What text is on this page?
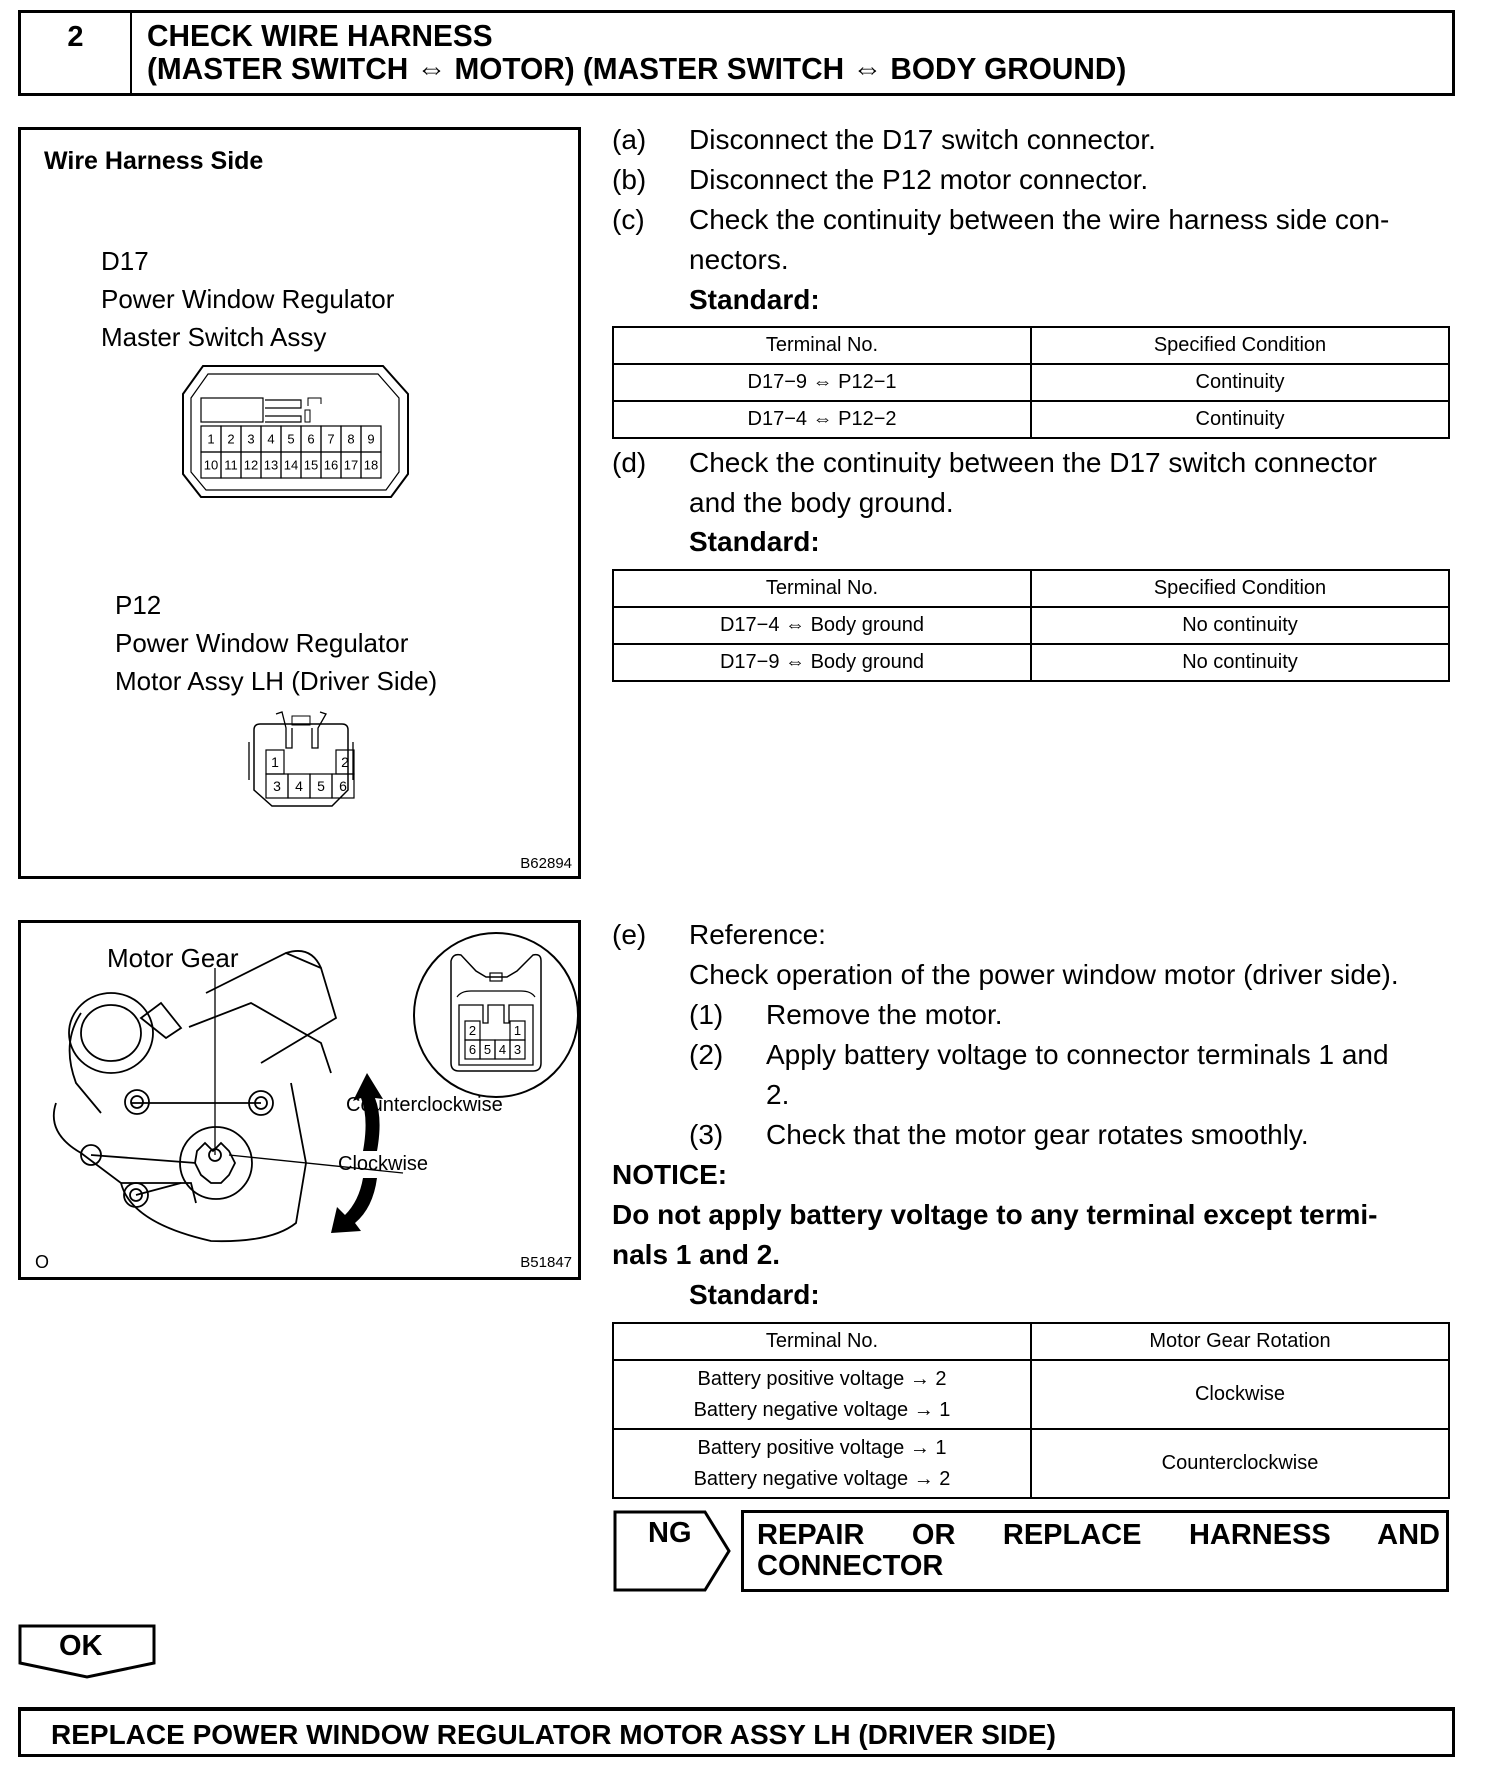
2	CHECK WIRE HARNESS
(MASTER SWITCH ⇔ MOTOR) (MASTER SWITCH ⇔ BODY GROUND)
Wire Harness Side
D17
Power Window Regulator
Master Switch Assy
1 2 3 4 5 6 7 8 9
10 11 12 13 14 15 16 17 18
P12
Power Window Regulator
Motor Assy LH (Driver Side)
1	2
3 4 5 6
B62894
Motor Gear
2	1
6 5 4 3
Counterclockwise
Clockwise
O	B51847
(a) Disconnect the D17 switch connector.
(b) Disconnect the P12 motor connector.
(c) Check the continuity between the wire harness side con-
nectors.
Standard:
Terminal No.	Specified Condition
D17−9 ⇔ P12−1	Continuity
D17−4 ⇔ P12−2	Continuity
(d) Check the continuity between the D17 switch connector
and the body ground.
Standard:
Terminal No.	Specified Condition
D17−4 ⇔ Body ground	No continuity
D17−9 ⇔ Body ground	No continuity
(e) Reference:
Check operation of the power window motor (driver side).
(1) Remove the motor.
(2) Apply battery voltage to connector terminals 1 and
2.
(3) Check that the motor gear rotates smoothly.
NOTICE:
Do not apply battery voltage to any terminal except termi-
nals 1 and 2.
Standard:
Terminal No.	Motor Gear Rotation

Battery positive voltage → 2
Battery negative voltage → 1	Clockwise

Battery positive voltage → 1
Battery negative voltage → 2	Counterclockwise
NG REPAIR OR REPLACE HARNESS AND CONNECTOR
OK
REPLACE POWER WINDOW REGULATOR MOTOR ASSY LH (DRIVER SIDE)
